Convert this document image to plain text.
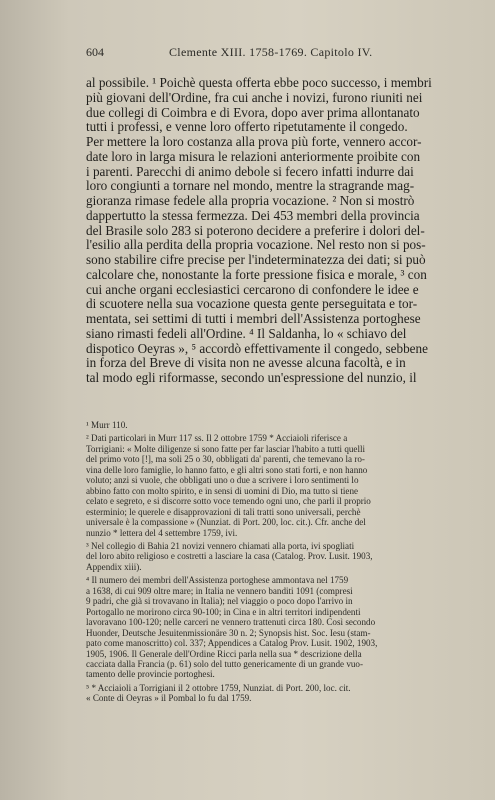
604	Clemente XIII. 1758-1769. Capitolo IV.
al possibile. ¹ Poichè questa offerta ebbe poco successo, i membri
più giovani dell'Ordine, fra cui anche i novizi, furono riuniti nei
due collegi di Coimbra e di Evora, dopo aver prima allontanato
tutti i professi, e venne loro offerto ripetutamente il congedo.
Per mettere la loro costanza alla prova più forte, vennero accor-
date loro in larga misura le relazioni anteriormente proibite con
i parenti. Parecchi di animo debole si fecero infatti indurre dai
loro congiunti a tornare nel mondo, mentre la stragrande mag-
gioranza rimase fedele alla propria vocazione. ² Non si mostrò
dappertutto la stessa fermezza. Dei 453 membri della provincia
del Brasile solo 283 si poterono decidere a preferire i dolori del-
l'esilio alla perdita della propria vocazione. Nel resto non si pos-
sono stabilire cifre precise per l'indeterminatezza dei dati; si può
calcolare che, nonostante la forte pressione fisica e morale, ³ con
cui anche organi ecclesiastici cercarono di confondere le idee e
di scuotere nella sua vocazione questa gente perseguitata e tor-
mentata, sei settimi di tutti i membri dell'Assistenza portoghese
siano rimasti fedeli all'Ordine. ⁴ Il Saldanha, lo « schiavo del
dispotico Oeyras », ⁵ accordò effettivamente il congedo, sebbene
in forza del Breve di visita non ne avesse alcuna facoltà, e in
tal modo egli riformasse, secondo un'espressione del nunzio, il
¹ Murr 110.
² Dati particolari in Murr 117 ss. Il 2 ottobre 1759 * Acciaioli riferisce a
Torrigiani: « Molte diligenze si sono fatte per far lasciar l'habito a tutti quelli
del primo voto [!], ma soli 25 o 30, obbligati da' parenti, che temevano la ro-
vina delle loro famiglie, lo hanno fatto, e gli altri sono stati forti, e non hanno
voluto; anzi si vuole, che obbligati uno o due a scrivere i loro sentimenti lo
abbino fatto con molto spirito, e in sensi di uomini di Dio, ma tutto si tiene
celato e segreto, e si discorre sotto voce temendo ogni uno, che parli il proprio
esterminio; le querele e disapprovazioni di tali tratti sono universali, perchè
universale è la compassione » (Nunziat. di Port. 200, loc. cit.). Cfr. anche del
nunzio * lettera del 4 settembre 1759, ivi.
³ Nel collegio di Bahia 21 novizi vennero chiamati alla porta, ivi spogliati
del loro abito religioso e costretti a lasciare la casa (Catalog. Prov. Lusit. 1903,
Appendix xiii).
⁴ Il numero dei membri dell'Assistenza portoghese ammontava nel 1759
a 1638, di cui 909 oltre mare; in Italia ne vennero banditi 1091 (compresi
9 padri, che già si trovavano in Italia); nel viaggio o poco dopo l'arrivo in
Portogallo ne morirono circa 90-100; in Cina e in altri territori indipendenti
lavoravano 100-120; nelle carceri ne vennero trattenuti circa 180. Così secondo
Huonder, Deutsche Jesuitenmissionäre 30 n. 2; Synopsis hist. Soc. Iesu (stam-
pato come manoscritto) col. 337; Appendices a Catalog Prov. Lusit. 1902, 1903,
1905, 1906. Il Generale dell'Ordine Ricci parla nella sua * descrizione della
cacciata dalla Francia (p. 61) solo del tutto genericamente di un grande vuo-
tamento delle provincie portoghesi.
⁵ * Acciaioli a Torrigiani il 2 ottobre 1759, Nunziat. di Port. 200, loc. cit.
« Conte di Oeyras » il Pombal lo fu dal 1759.
